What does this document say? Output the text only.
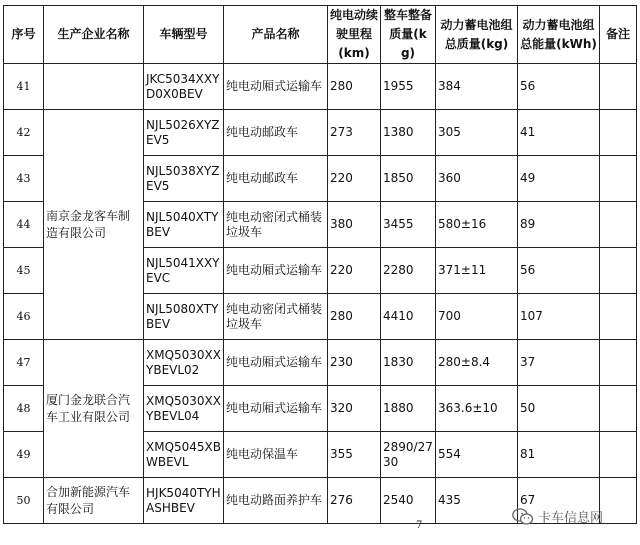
序号	生产企业名称	车辆型号	产品名称	纯电动续驶里程(km)	整车整备质量(kg)	动力蓄电池组总质量(kg)	动力蓄电池组总能量(kWh)	备注
41		JKC5034XXYD0X0BEV	纯电动厢式运输车	280	1955	384	56	
42	南京金龙客车制造有限公司	NJL5026XYZEV5	纯电动邮政车	273	1380	305	41	
43		NJL5038XYZEV5	纯电动邮政车	220	1850	360	49	
44		NJL5040XTYBEV	纯电动密闭式桶装垃圾车	380	3455	580±16	89	
45		NJL5041XXYEVC	纯电动厢式运输车	220	2280	371±11	56	
46		NJL5080XTYBEV	纯电动密闭式桶装垃圾车	280	4410	700	107	
47	厦门金龙联合汽车工业有限公司	XMQ5030XXYBEVL02	纯电动厢式运输车	230	1830	280±8.4	37	
48		XMQ5030XXYBEVL04	纯电动厢式运输车	320	1880	363.6±10	50	
49		XMQ5045XBWBEVL	纯电动保温车	355	2890/2730	554	81	
50	合加新能源汽车有限公司	HJK5040TYHASHBEV	纯电动路面养护车	276	2540	435	67	
7	卡车信息网
